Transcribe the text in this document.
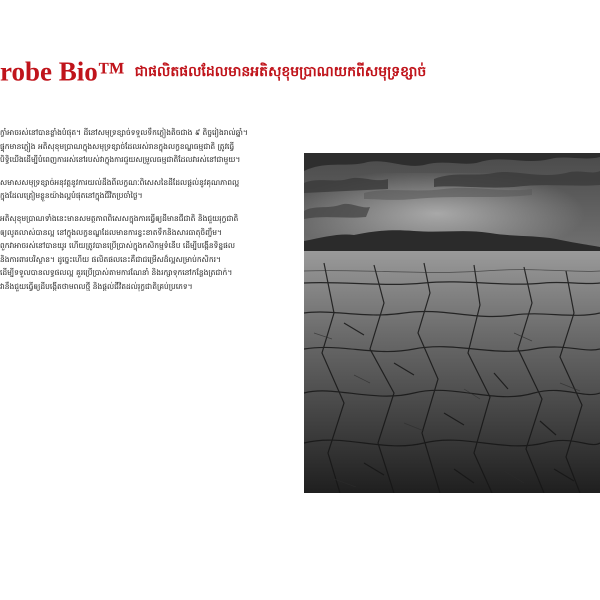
robe Bio™ ជាផលិតផលដែលមានអតិសុខុមប្រាណយកពីសមុទ្រខ្សាច់

ក្ខាំអាចរស់នៅបានខ្លាំងបំផុត។ ដីនៅសមុទ្រខ្សាច់ទទួលទឹកភ្លៀងតិចជាង ៩ តិច្ចរៀងរាល់ឆ្នាំ។
ផ្ទុកមានភ្លៀង អតិសុខុមប្រាណក្នុងសមុទ្រខ្សាច់ដែលរស់រានក្នុងលក្ខខណ្ឌធម្មជាតិ ត្រូវធ្វើ
បិទ្ធិឃើងដើម្បីបំពេញការរស់នៅរបស់វាក្នុងការជួយសម្រួលធម្មជាតិដែលវារស់នៅជាមួយ។

សមាសសមុទ្រខ្សាច់អនុវត្តនូវការយល់ដឹងពីលក្ខណៈពិសេសនៃដីដែលផ្តល់នូវគុណភាពល្អ
ក្នុងដែលត្រៀមខ្លួនយ៉ាងល្អបំផុតនៅក្នុងជីវិតប្រចាំថ្ងៃ។

អតិសុខុមប្រាណទាំងនេះមានសមត្ថភាពពិសេសក្នុងការធ្វើឲ្យដីមានជីជាតិ និងជួយរុក្ខជាតិ
ឲ្យលូតលាស់បានល្អ នៅក្នុងលក្ខខណ្ឌដែលមានការខ្វះខាតទឹកនិងសារធាតុចិញ្ចឹម។
ពួកវាអាចរស់នៅបានយូរ ហើយត្រូវបានប្រើប្រាស់ក្នុងកសិកម្មទំនើប ដើម្បីបង្កើនទិន្នផល
និងការពារបរិស្ថាន។ ដូច្នេះហើយ ផលិតផលនេះគឺជាជម្រើសដ៏ល្អសម្រាប់កសិករ។
ដើម្បីទទួលបានលទ្ធផលល្អ គួរប្រើប្រាស់តាមការណែនាំ និងរក្សាទុកនៅកន្លែងត្រជាក់។
វានឹងជួយធ្វើឲ្យដីបង្កើតថាមពលថ្មី និងផ្តល់ជីវិតដល់រុក្ខជាតិគ្រប់ប្រភេទ។
